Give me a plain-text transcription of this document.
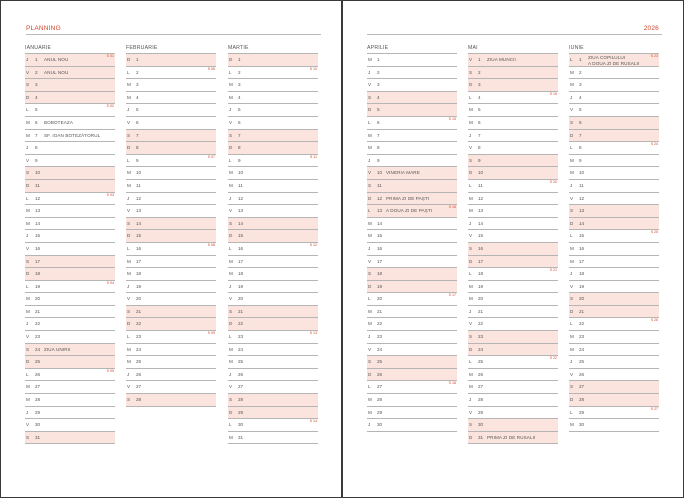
PLANNING	2026
IANUARIE
J 1 ANUL NOU
S 01
V 2 ANUL NOU
S 3
D 4
L 5
S 02
M 6 BOBOTEAZA
M 7 SF. IOAN BOTEZĂTORUL
J 8
V 9
S 10
D 11
L 12
S 03
M 13
M 14
J 15
V 16
S 17
D 18
L 19
S 04
M 20
M 21
J 22
V 23
S 24 ZIUA UNIRII
D 25
L 26
S 05
M 27
M 28
J 29
V 30
S 31
FEBRUARIE
D 1
L 2
S 06
M 3
M 4
J 5
V 6
S 7
D 8
L 9
S 07
M 10
M 11
J 12
V 13
S 14
D 15
L 16
S 08
M 17
M 18
J 19
V 20
S 21
D 22
L 23
S 09
M 24
M 25
J 26
V 27
S 28
MARTIE
D 1
L 2
S 10
M 3
M 4
J 5
V 6
S 7
D 8
L 9
S 11
M 10
M 11
J 12
V 13
S 14
D 15
L 16
S 12
M 17
M 18
J 19
V 20
S 21
D 22
L 23
S 13
M 24
M 25
J 26
V 27
S 28
D 29
L 30
S 14
M 31
APRILIE
M 1
J 2
V 3
S 4
D 5
L 6
S 15
M 7
M 8
J 9
V 10 VINERIA MARE
S 11
D 12 PRIMA ZI DE PAȘTI
L 13 A DOUA ZI DE PAȘTI
S 16
M 14
M 15
J 16
V 17
S 18
D 19
L 20
S 17
M 21
M 22
J 23
V 24
S 25
D 26
L 27
S 18
M 28
M 29
J 30
MAI
V 1 ZIUA MUNCII
S 2
D 3
L 4
S 19
M 5
M 6
J 7
V 8
S 9
D 10
L 11
S 20
M 12
M 13
J 14
V 15
S 16
D 17
L 18
S 21
M 19
M 20
J 21
V 22
S 23
D 24
L 25
S 22
M 26
M 27
J 28
V 29
S 30
D 31 PRIMA ZI DE RUSALII
IUNIE
L 1 ZIUA COPILULUI
A DOUA ZI DE RUSALII
S 23
M 2
M 3
J 4
V 5
S 6
D 7
L 8
S 24
M 9
M 10
J 11
V 12
S 13
D 14
L 15
S 25
M 16
M 17
J 18
V 19
S 20
D 21
L 22
S 26
M 23
M 24
J 25
V 26
S 27
D 28
L 29
S 27
M 30
